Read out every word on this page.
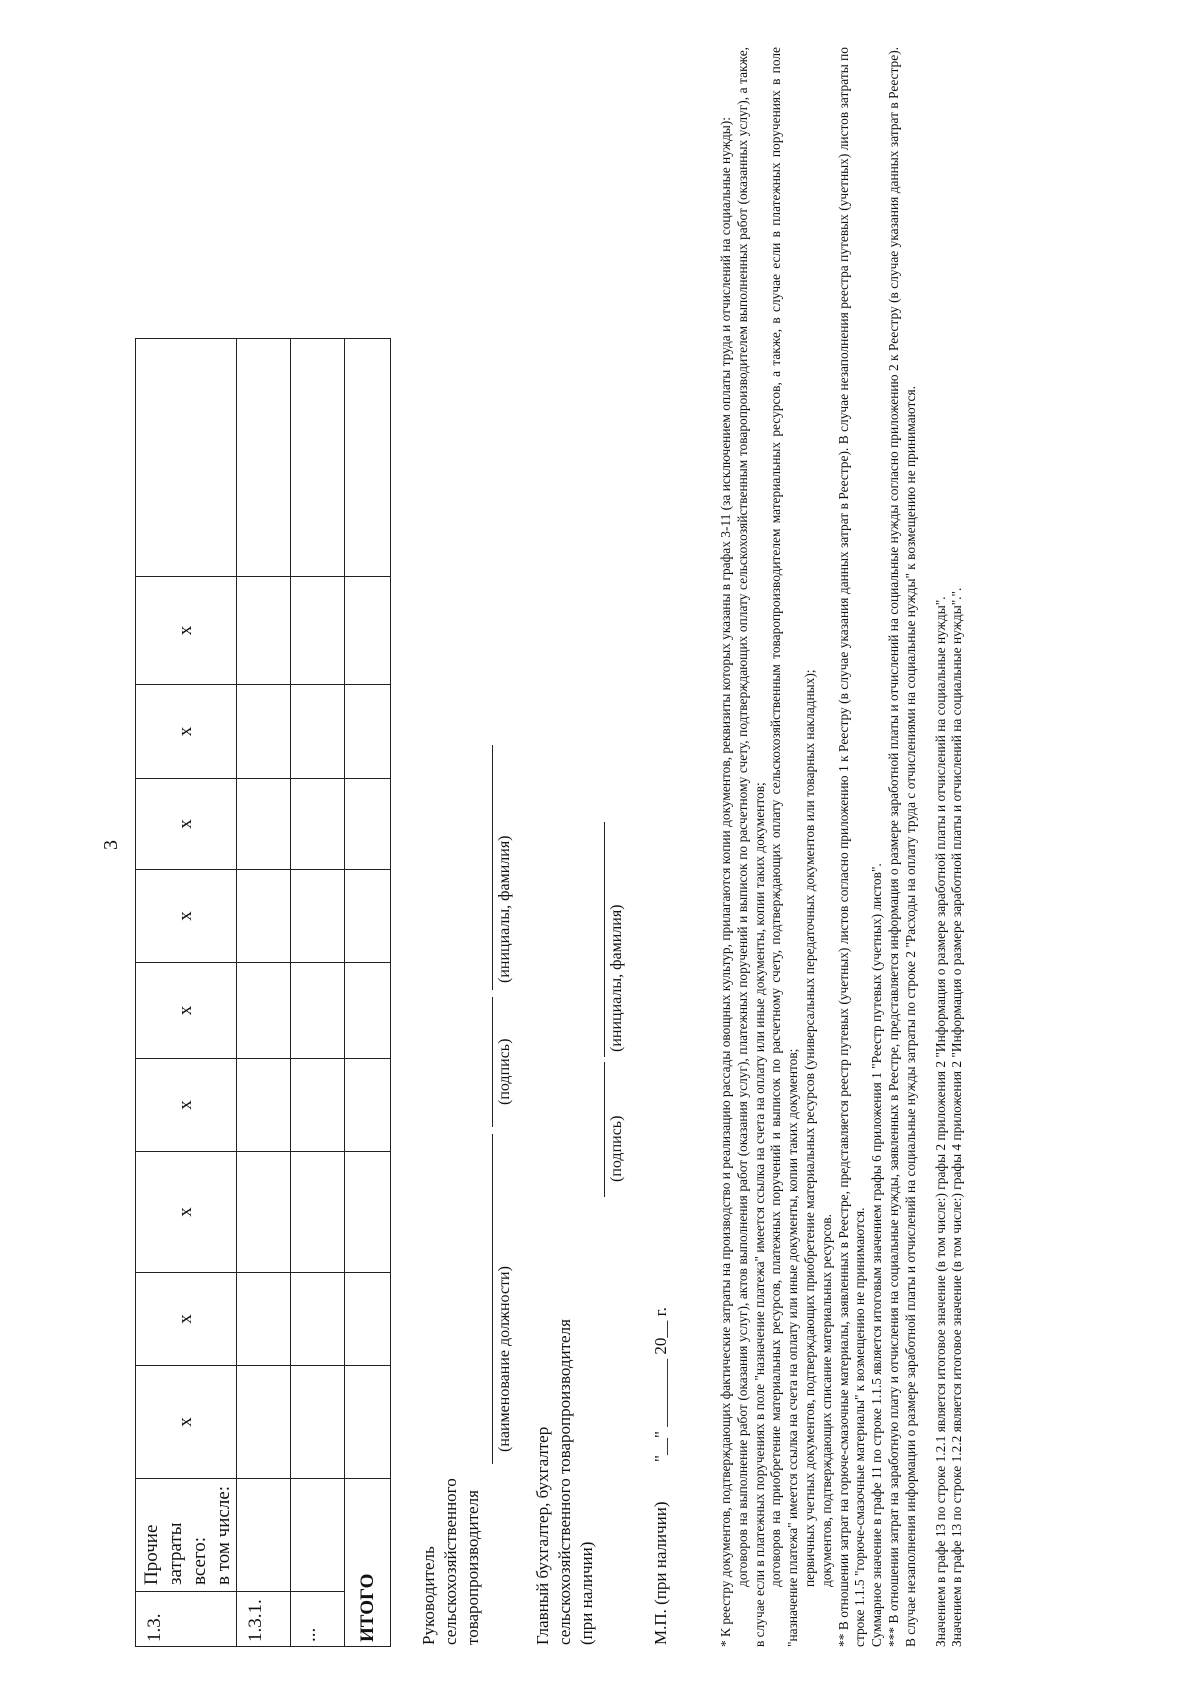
3
1.3.	Прочие затраты всего: в том числе:	х	х	х	х	х	х	х	х	х	
1.3.1.											
...											
ИТОГО											Руководитель сельскохозяйственного товаропроизводителя
(наименование должности)
(подпись)
(инициалы, фамилия)
Главный бухгалтер, бухгалтер сельскохозяйственного товаропроизводителя (при наличии)
(подпись)
(инициалы, фамилия)
М.П. (при наличии)
"__" ________ 20__ г.	* К реестру документов, подтверждающих фактические затраты на производство и реализацию рассады овощных культур, прилагаются копии документов, реквизиты которых указаны в графах 3-11 (за исключением оплаты труда и отчислений на социальные нужды): договоров на выполнение работ (оказания услуг), актов выполнения работ (оказания услуг), платежных поручений и выписок по расчетному счету, подтверждающих оплату сельскохозяйственным товаропроизводителем выполненных работ (оказанных услуг), а также, в случае если в платежных поручениях в поле "назначение платежа" имеется ссылка на счета на оплату или иные документы, копии таких документов; договоров на приобретение материальных ресурсов, платежных поручений и выписок по расчетному счету, подтверждающих оплату сельскохозяйственным товаропроизводителем материальных ресурсов, а также, в случае если в платежных поручениях в поле "назначение платежа" имеется ссылка на счета на оплату или иные документы, копии таких документов; первичных учетных документов, подтверждающих приобретение материальных ресурсов (универсальных передаточных документов или товарных накладных); документов, подтверждающих списание материальных ресурсов. ** В отношении затрат на горюче-смазочные материалы, заявленных в Реестре, представляется реестр путевых (учетных) листов согласно приложению 1 к Реестру (в случае указания данных затрат в Реестре). В случае незаполнения реестра путевых (учетных) листов затраты по строке 1.1.5 "горюче-смазочные материалы" к возмещению не принимаются. Суммарное значение в графе 11 по строке 1.1.5 является итоговым значением графы 6 приложения 1 "Реестр путевых (учетных) листов". *** В отношении затрат на заработную плату и отчисления на социальные нужды, заявленных в Реестре, представляется информация о размере заработной платы и отчислений на социальные нужды согласно приложению 2 к Реестру (в случае указания данных затрат в Реестре). В случае незаполнения информации о размере заработной платы и отчислений на социальные нужды затраты по строке 2 "Расходы на оплату труда с отчислениями на социальные нужды" к возмещению не принимаются. Значением в графе 13 по строке 1.2.1 является итоговое значение (в том числе:) графы 2 приложения 2 "Информация о размере заработной платы и отчислений на социальные нужды". Значением в графе 13 по строке 1.2.2 является итоговое значение (в том числе:) графы 4 приложения 2 "Информация о размере заработной платы и отчислений на социальные нужды".".
